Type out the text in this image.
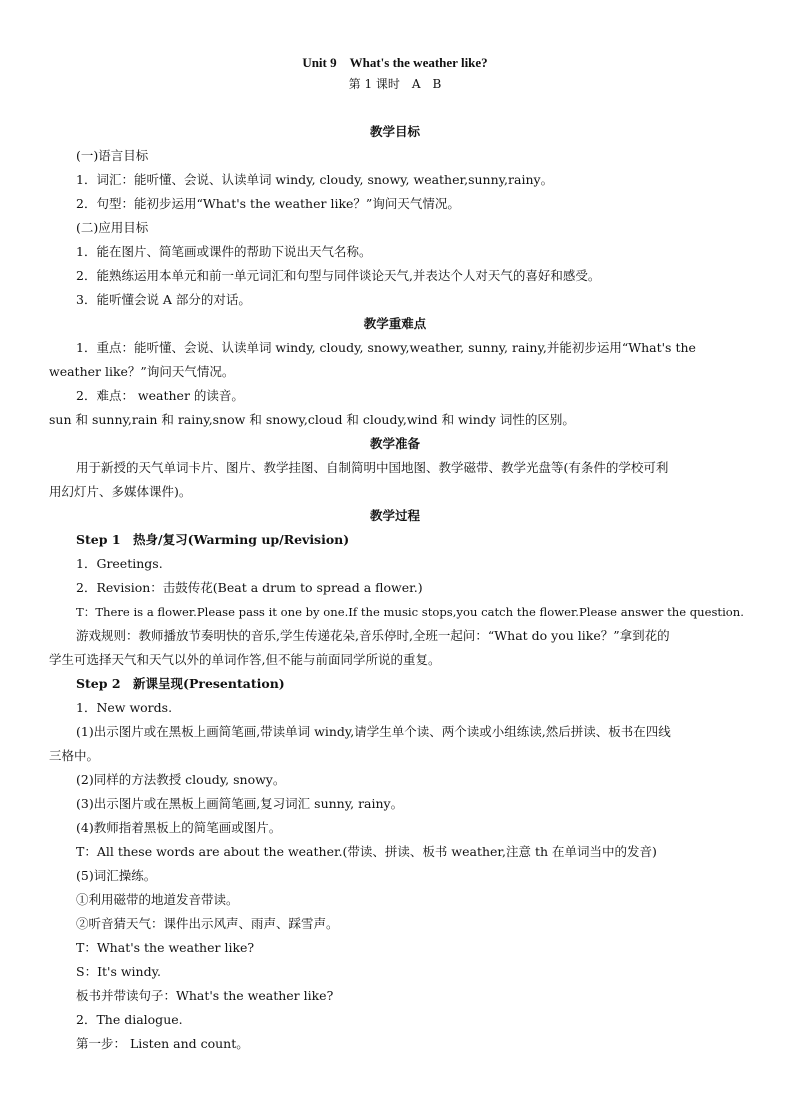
Unit 9　What's the weather like?
第 1 课时　A　B
教学目标
(一)语言目标
1．词汇：能听懂、会说、认读单词 windy, cloudy, snowy, weather,sunny,rainy。
2．句型：能初步运用“What's the weather like？”询问天气情况。
(二)应用目标
1．能在图片、简笔画或课件的帮助下说出天气名称。
2．能熟练运用本单元和前一单元词汇和句型与同伴谈论天气,并表达个人对天气的喜好和感受。
3．能听懂会说 A 部分的对话。
教学重难点
1．重点：能听懂、会说、认读单词 windy, cloudy, snowy,weather, sunny, rainy,并能初步运用“What's the
weather like？”询问天气情况。
2．难点： weather 的读音。
sun 和 sunny,rain 和 rainy,snow 和 snowy,cloud 和 cloudy,wind 和 windy 词性的区别。
教学准备
用于新授的天气单词卡片、图片、教学挂图、自制简明中国地图、教学磁带、教学光盘等(有条件的学校可利
用幻灯片、多媒体课件)。
教学过程
Step 1　热身/复习(Warming up/Revision)
1．Greetings.
2．Revision：击鼓传花(Beat a drum to spread a flower.)
T：There is a flower.Please pass it one by one.If the music stops,you catch the flower.Please answer the question.
游戏规则：教师播放节奏明快的音乐,学生传递花朵,音乐停时,全班一起问：“What do you like？”拿到花的
学生可选择天气和天气以外的单词作答,但不能与前面同学所说的重复。
Step 2　新课呈现(Presentation)
1．New words.
(1)出示图片或在黑板上画简笔画,带读单词 windy,请学生单个读、两个读或小组练读,然后拼读、板书在四线
三格中。
(2)同样的方法教授 cloudy, snowy。
(3)出示图片或在黑板上画简笔画,复习词汇 sunny, rainy。
(4)教师指着黑板上的简笔画或图片。
T：All these words are about the weather.(带读、拼读、板书 weather,注意 th 在单词当中的发音)
(5)词汇操练。
①利用磁带的地道发音带读。
②听音猜天气：课件出示风声、雨声、踩雪声。
T：What's the weather like?
S：It's windy.
板书并带读句子：What's the weather like?
2．The dialogue.
第一步： Listen and count。
